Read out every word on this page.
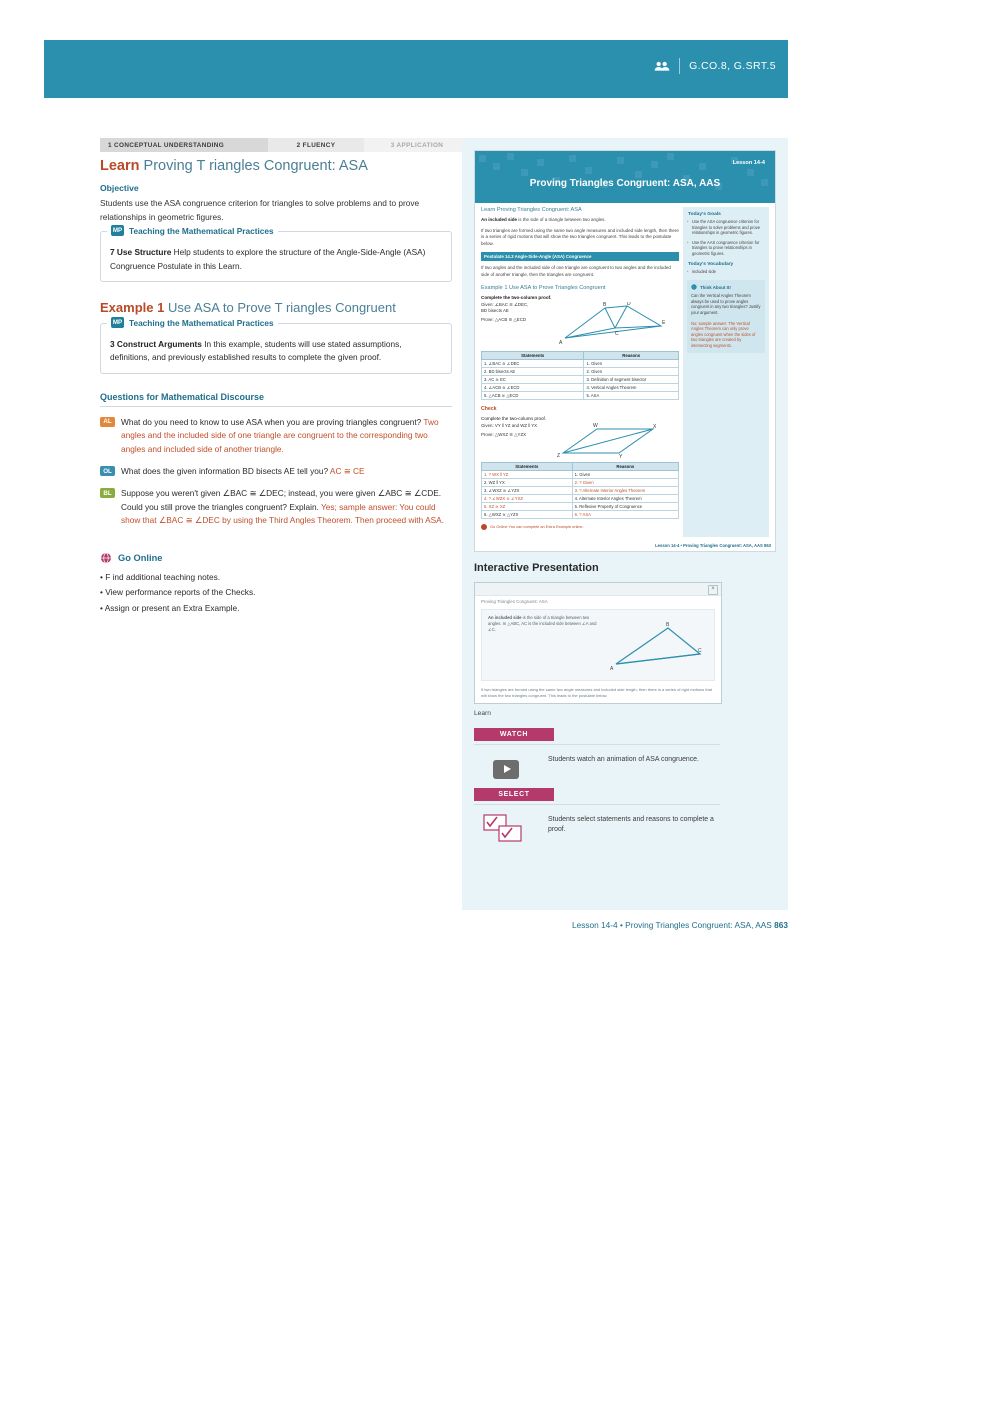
G.CO.8, G.SRT.5
1 CONCEPTUAL UNDERSTANDING	2 FLUENCY	3 APPLICATION
Learn Proving T riangles Congruent: ASA
Objective

Students use the ASA congruence criterion for triangles to solve problems and to prove relationships in geometric figures.

MP Teaching the Mathematical Practices
7 Use Structure Help students to explore the structure of the Angle-Side-Angle (ASA) Congruence Postulate in this Learn.
Example 1 Use ASA to Prove T riangles Congruent
MP Teaching the Mathematical Practices
3 Construct Arguments In this example, students will use stated assumptions, definitions, and previously established results to complete the given proof.
Questions for Mathematical Discourse
AL	What do you need to know to use ASA when you are proving triangles congruent? Two angles and the included side of one triangle are congruent to the corresponding two angles and included side of another triangle.
OL	What does the given information BD bisects AE tell you? AC ≅ CE
BL	Suppose you weren't given ∠BAC ≅ ∠DEC; instead, you were given ∠ABC ≅ ∠CDE. Could you still prove the triangles congruent? Explain. Yes; sample answer: You could show that ∠BAC ≅ ∠DEC by using the Third Angles Theorem. Then proceed with ASA.
Go Online
• F ind additional teaching notes.
• View performance reports of the Checks.
• Assign or present an Extra Example.
Lesson 14-4
Proving Triangles Congruent: ASA, AAS
Learn Proving Triangles Congruent: ASA
An included side is the side of a triangle between two angles.
If two triangles are formed using the same two angle measures and included side length, then there is a series of rigid motions that will show the two triangles congruent. This leads to the postulate below.
Postulate 14.3 Angle-Side-Angle (ASA) Congruence
If two angles and the included side of one triangle are congruent to two angles and the included side of another triangle, then the triangles are congruent.
Example 1 Use ASA to Prove Triangles Congruent
Complete the two-column proof.
Given: ∠BAC ≅ ∠DEC,
BD bisects AE
Prove: △ACB ≅ △ECD
A
B
C
D
E
Statements	Reasons
1. ∠BAC ≅ ∠DEC	1. Given
2. BD bisects AE	2. Given
3. AC ≅ EC	3. Definition of segment bisector
4. ∠ACB ≅ ∠ECD	4. Vertical Angles Theorem
5. △ACB ≅ △ECD	5. ASA
Check
Complete the two-column proof.
Given: VY ‖ YZ and WZ ‖ YX
Prove: △WXZ ≅ △YZX
W	X
Z	Y
Statements	Reasons
1. ? WX ‖ YZ	1. Given
2. WZ ‖ YX	2. ? Given
3. ∠WXZ ≅ ∠YZX	3. ? Alternate Interior Angles Theorem
4. ? ∠WZX ≅ ∠YXZ	4. Alternate Interior Angles Theorem
5. XZ ≅ XZ	5. Reflexive Property of Congruence
6. △WXZ ≅ △YZX	6. ? ASA
Go Online You can complete an Extra Example online.
Today's Goals
• Use the ASA congruence criterion for triangles to solve problems and prove relationships in geometric figures.
• Use the AAS congruence criterion for triangles to prove relationships in geometric figures.
Today's Vocabulary
• included side
Think About It!
Can the Vertical Angles Theorem always be used to prove angles congruent in any two triangles? Justify your argument.
No; sample answer: The Vertical Angles Theorem can only prove angles congruent when the sides of two triangles are created by intersecting segments.
Lesson 14-4 • Proving Triangles Congruent: ASA, AAS 863
Interactive Presentation
×
Proving Triangles Congruent: ASA
An included side is the side of a triangle between two angles. In △ABC, AC is the included side between ∠A and ∠C.
A
B
C
If two triangles are formed using the same two angle measures and included side length, then there is a series of rigid motions that will show the two triangles congruent. This leads to the postulate below.
Learn
WATCH
Students watch an animation of ASA congruence.
SELECT
Students select statements and reasons to complete a proof.
Lesson 14-4 • Proving Triangles Congruent: ASA, AAS 863
